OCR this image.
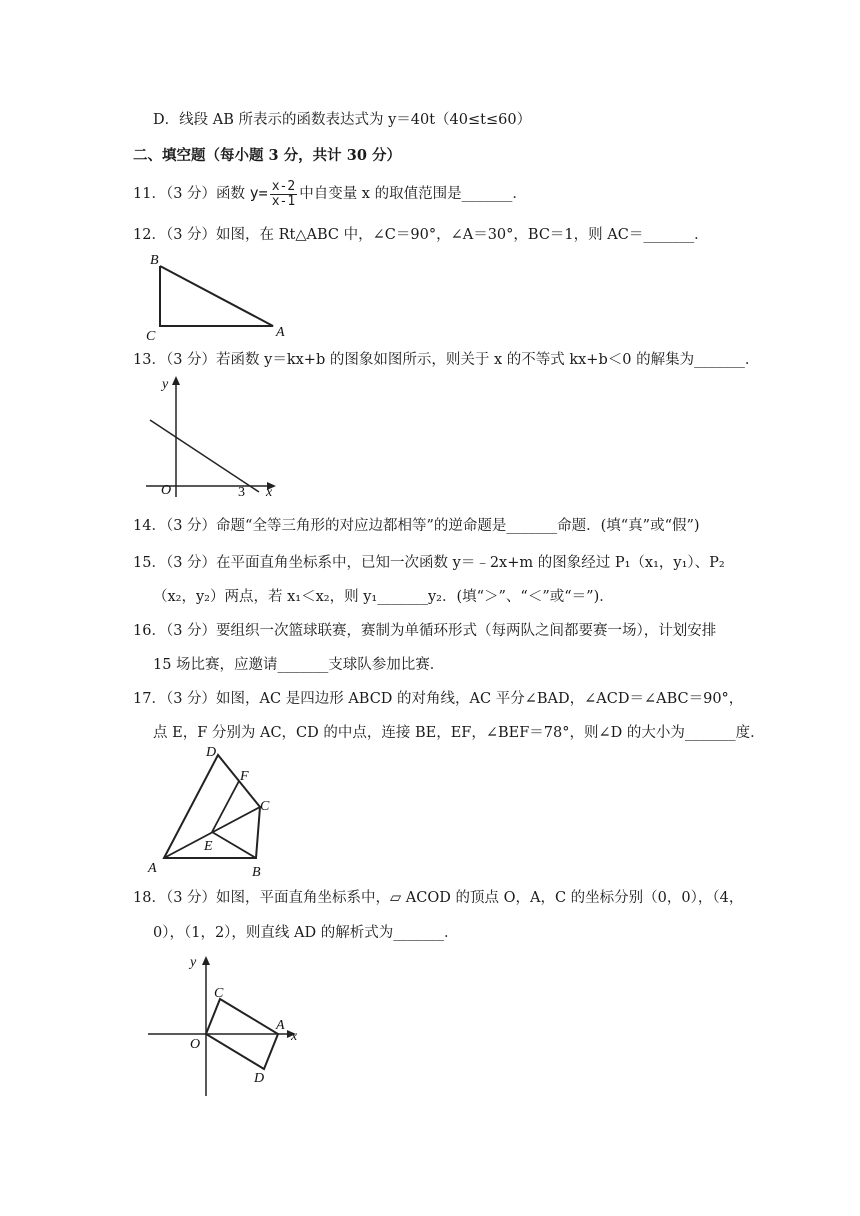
D．线段 AB 所表示的函数表达式为 y＝40t（40≤t≤60）
二、填空题（每小题 3 分，共计 30 分）
11．（3 分）函数 $y= \frac{x-2}{x-1}$ 中自变量 x 的取值范围是_______．
12．（3 分）如图，在 Rt△ABC 中，∠C＝90°，∠A＝30°，BC＝1，则 AC＝_______．
B
C	A
13．（3 分）若函数 y＝kx+b 的图象如图所示，则关于 x 的不等式 kx+b＜0 的解集为_______．
y
O	3 x
14．（3 分）命题“全等三角形的对应边都相等”的逆命题是_______命题．(填“真”或“假”)
15．（3 分）在平面直角坐标系中，已知一次函数 y＝﹣2x+m 的图象经过 P₁（x₁，y₁）、P₂
（x₂，y₂）两点，若 x₁＜x₂，则 y₁_______y₂．(填“＞”、“＜”或“＝”)．
16．（3 分）要组织一次篮球联赛，赛制为单循环形式（每两队之间都要赛一场），计划安排
15 场比赛，应邀请_______支球队参加比赛．
17．（3 分）如图，AC 是四边形 ABCD 的对角线，AC 平分∠BAD，∠ACD＝∠ABC＝90°，
点 E，F 分别为 AC，CD 的中点，连接 BE，EF，∠BEF＝78°，则∠D 的大小为_______度．
D
F
C
E
A	B
18．（3 分）如图，平面直角坐标系中，▱ ACOD 的顶点 O，A，C 的坐标分别（0，0），（4，
0），（1，2），则直线 AD 的解析式为_______．
y
C
O
A
x
D
